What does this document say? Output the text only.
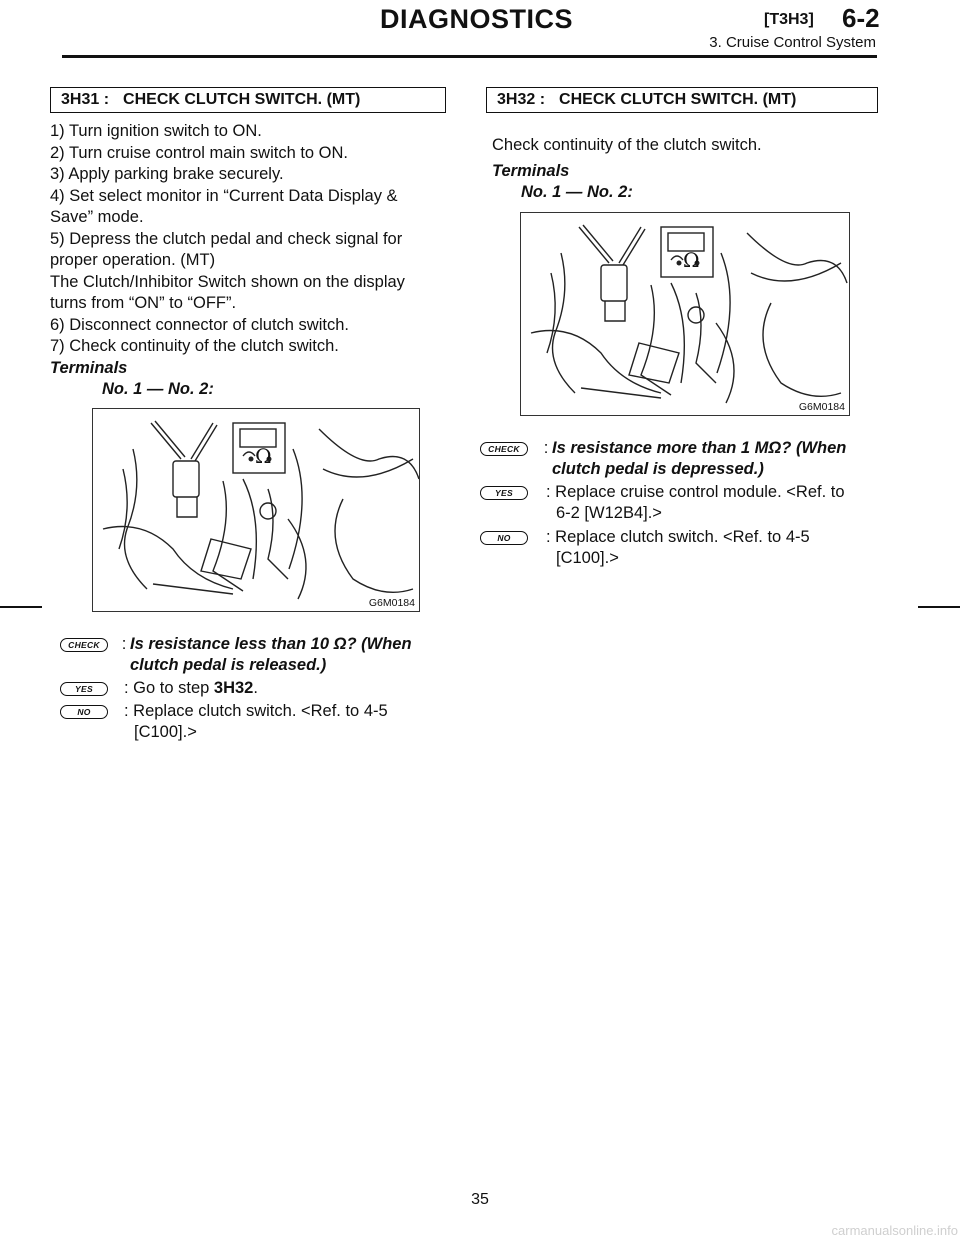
DIAGNOSTICS	[T3H3] 6-2
3. Cruise Control System
3H31 : CHECK CLUTCH SWITCH. (MT)
1) Turn ignition switch to ON.
2) Turn cruise control main switch to ON.
3) Apply parking brake securely.
4) Set select monitor in “Current Data Display &
Save” mode.
5) Depress the clutch pedal and check signal for
proper operation. (MT)
The Clutch/Inhibitor Switch shown on the display
turns from “ON” to “OFF”.
6) Disconnect connector of clutch switch.
7) Check continuity of the clutch switch.
Terminals
No. 1 — No. 2:
Ω
G6M0184
CHECK	: Is resistance less than 10 Ω? (When
clutch pedal is released.)
YES	: Go to step 3H32.
NO	: Replace clutch switch. <Ref. to 4-5
[C100].>
3H32 : CHECK CLUTCH SWITCH. (MT)
Check continuity of the clutch switch.
Terminals
No. 1 — No. 2:
Ω
G6M0184
CHECK	: Is resistance more than 1 MΩ? (When
clutch pedal is depressed.)
YES	: Replace cruise control module. <Ref. to
6-2 [W12B4].>
NO	: Replace clutch switch. <Ref. to 4-5
[C100].>
35
carmanualsonline.info
